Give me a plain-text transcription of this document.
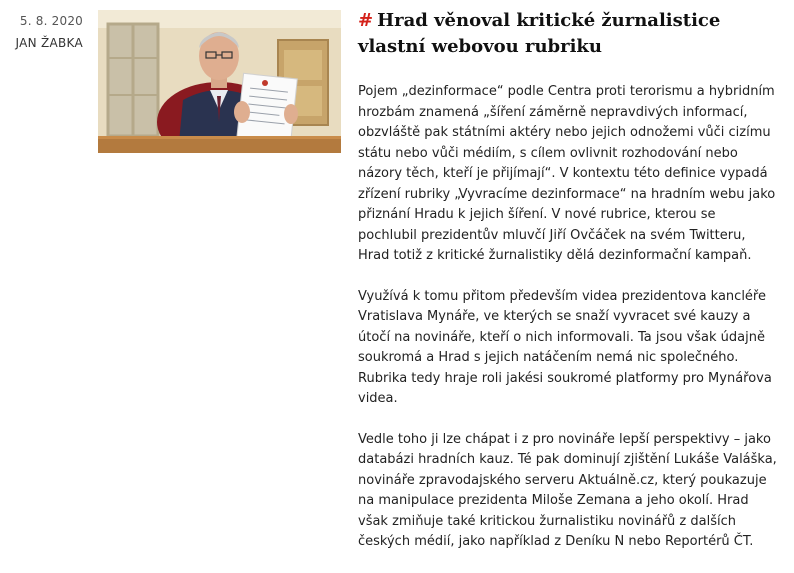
5. 8. 2020
JAN ŽABKA
# Hrad věnoval kritické žurnalistice vlastní webovou rubriku

Pojem „dezinformace“ podle Centra proti terorismu a hybridním hrozbám znamená „šíření záměrně nepravdivých informací, obzvláště pak státními aktéry nebo jejich odnožemi vůči cizímu státu nebo vůči médiím, s cílem ovlivnit rozhodování nebo názory těch, kteří je přijímají“. V kontextu této definice vypadá zřízení rubriky „Vyvracíme dezinformace“ na hradním webu jako přiznání Hradu k jejich šíření. V nové rubrice, kterou se pochlubil prezidentův mluvčí Jiří Ovčáček na svém Twitteru, Hrad totiž z kritické žurnalistiky dělá dezinformační kampaň.

Využívá k tomu přitom především videa prezidentova kancléře Vratislava Mynáře, ve kterých se snaží vyvracet své kauzy a útočí na novináře, kteří o nich informovali. Ta jsou však údajně soukromá a Hrad s jejich natáčením nemá nic společného. Rubrika tedy hraje roli jakési soukromé platformy pro Mynářova videa.

Vedle toho ji lze chápat i z pro novináře lepší perspektivy – jako databázi hradních kauz. Té pak dominují zjištění Lukáše Valáška, novináře zpravodajského serveru Aktuálně.cz, který poukazuje na manipulace prezidenta Miloše Zemana a jeho okolí. Hrad však zmiňuje také kritickou žurnalistiku novinářů z dalších českých médií, jako například z Deníku N nebo Reportérů ČT.
